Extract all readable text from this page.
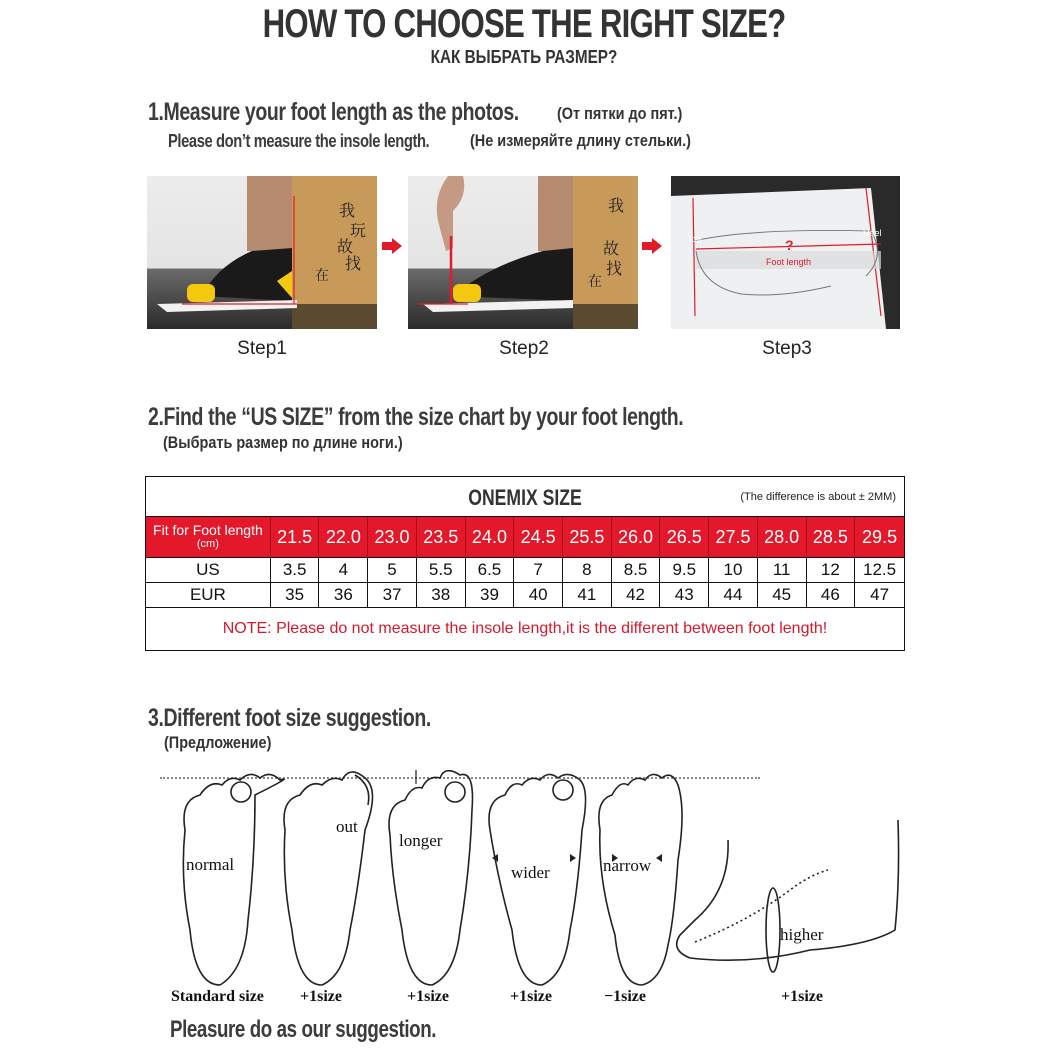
HOW TO CHOOSE THE RIGHT SIZE?
КАК ВЫБРАТЬ РАЗМЕР?
1.Measure your foot length as the photos. (От пятки до пят.)
Please don’t measure the insole length. (Не измеряйте длину стельки.)
我
玩
故
找
在
Step1
我
故
找
在
Step2
Toe
Heel
?
Foot length
Step3
2.Find the “US SIZE” from the size chart by your foot length.
(Выбрать размер по длине ноги.)
ONEMIX SIZE	(The difference is about ± 2MM)
Fit for Foot length
(cm)	21.5 22.0 23.0 23.5 24.0 24.5 25.5 26.0 26.5 27.5 28.0 28.5 29.5
US	3.5	4	5	5.5	6.5	7	8	8.5	9.5	10	11	12	12.5
EUR	35	36	37	38	39	40	41	42	43	44	45	46	47
NOTE: Please do not measure the insole length,it is the different between foot length!
3.Different foot size suggestion.
(Предложение)
normal
out
longer
wider	narrow
higher
Standard size +1size	+1size	+1size	−1size	+1size
Pleasure do as our suggestion.
